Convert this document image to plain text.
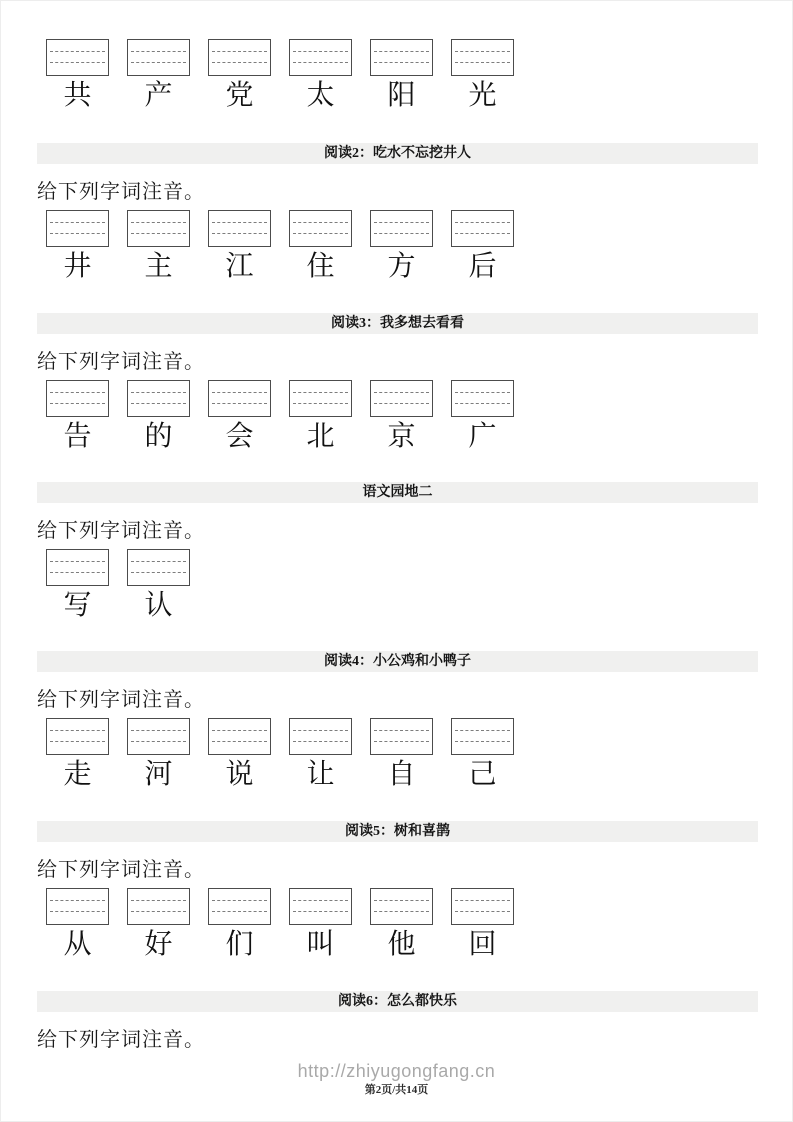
共 产 党 太 阳 光
阅读2：吃水不忘挖井人
给下列字词注音。
井 主 江 住 方 后
阅读3：我多想去看看
给下列字词注音。
告 的 会 北 京 广
语文园地二
给下列字词注音。
写 认
阅读4：小公鸡和小鸭子
给下列字词注音。
走 河 说 让 自 己
阅读5：树和喜鹊
给下列字词注音。
从 好 们 叫 他 回
阅读6：怎么都快乐
给下列字词注音。
http://zhiyugongfang.cn
第2页/共14页
